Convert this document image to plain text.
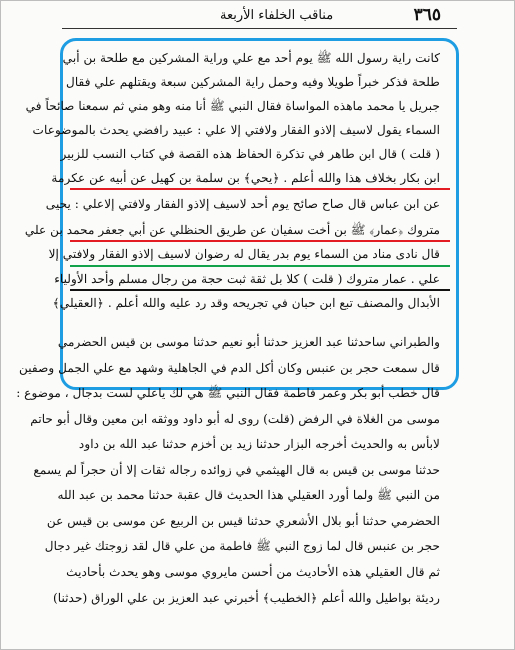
٣٦٥
مناقب الخلفاء الأربعة
كانت راية رسول الله ﷺ يوم أحد مع علي وراية المشركين مع طلحة بن أبي
طلحة فذكر خبراً طويلا وفيه وحمل راية المشركين سبعة ويقتلهم علي فقال
جبريل يا محمد ماهذه المواساة فقال النبي ﷺ أنا منه وهو مني ثم سمعنا صائحاً في
السماء يقول لاسيف إلاذو الفقار ولافتي إلا علي : عبيد رافضي يحدث بالموضوعات
( قلت ) قال ابن طاهر في تذكرة الحفاظ هذه القصة في كتاب النسب للزبير
ابن بكار بخلاف هذا والله أعلم . ﴿يحي﴾ بن سلمة بن كهيل عن أبيه عن عكرمة
عن ابن عباس قال صاح صائح يوم أحد لاسيف إلاذو الفقار ولافتي إلاعلي : يحيى
متروك ﴿عمار﴾ ﷺ بن أخت سفيان عن طريق الحنظلي عن أبي جعفر محمد بن علي
قال نادى مناد من السماء يوم بدر يقال له رضوان لاسيف إلاذو الفقار ولافتي إلا
علي . عمار متروك ( قلت ) كلا بل ثقة ثبت حجة من رجال مسلم وأحد الأولياء
الأبدال والمصنف تبع ابن حبان في تجريحه وقد رد عليه والله أعلم . ﴿العقيلي﴾
والطبراني ساحدثنا عبد العزيز حدثنا أبو نعيم حدثنا موسى بن قيس الحضرمي
قال سمعت حجر بن عنبس وكان أكل الدم في الجاهلية وشهد مع علي الجمل وصفين
قال خطب أبو بكر وعمر فاطمة فقال النبي ﷺ هي لك ياعلي لست بدجال ، موضوع :
موسى من الغلاة في الرفض (قلت) روى له أبو داود ووثقه ابن معين وقال أبو حاتم
لابأس به والحديث أخرجه البزار حدثنا زيد بن أخزم حدثنا عبد الله بن داود
حدثنا موسى بن قيس به قال الهيثمي في زوائده رجاله ثقات إلا أن حجراً لم يسمع
من النبي ﷺ ولما أورد العقيلي هذا الحديث قال عقبة حدثنا محمد بن عبد الله
الحضرمي حدثنا أبو بلال الأشعري حدثنا قيس بن الربيع عن موسى بن قيس عن
حجر بن عنبس قال لما زوج النبي ﷺ فاطمة من علي قال لقد زوجتك غير دجال
ثم قال العقيلي هذه الأحاديث من أحسن مايروي موسى وهو يحدث بأحاديث
رديئة بواطيل والله أعلم ﴿الخطيب﴾ أخبرني عبد العزيز بن علي الوراق (حدثنا)
